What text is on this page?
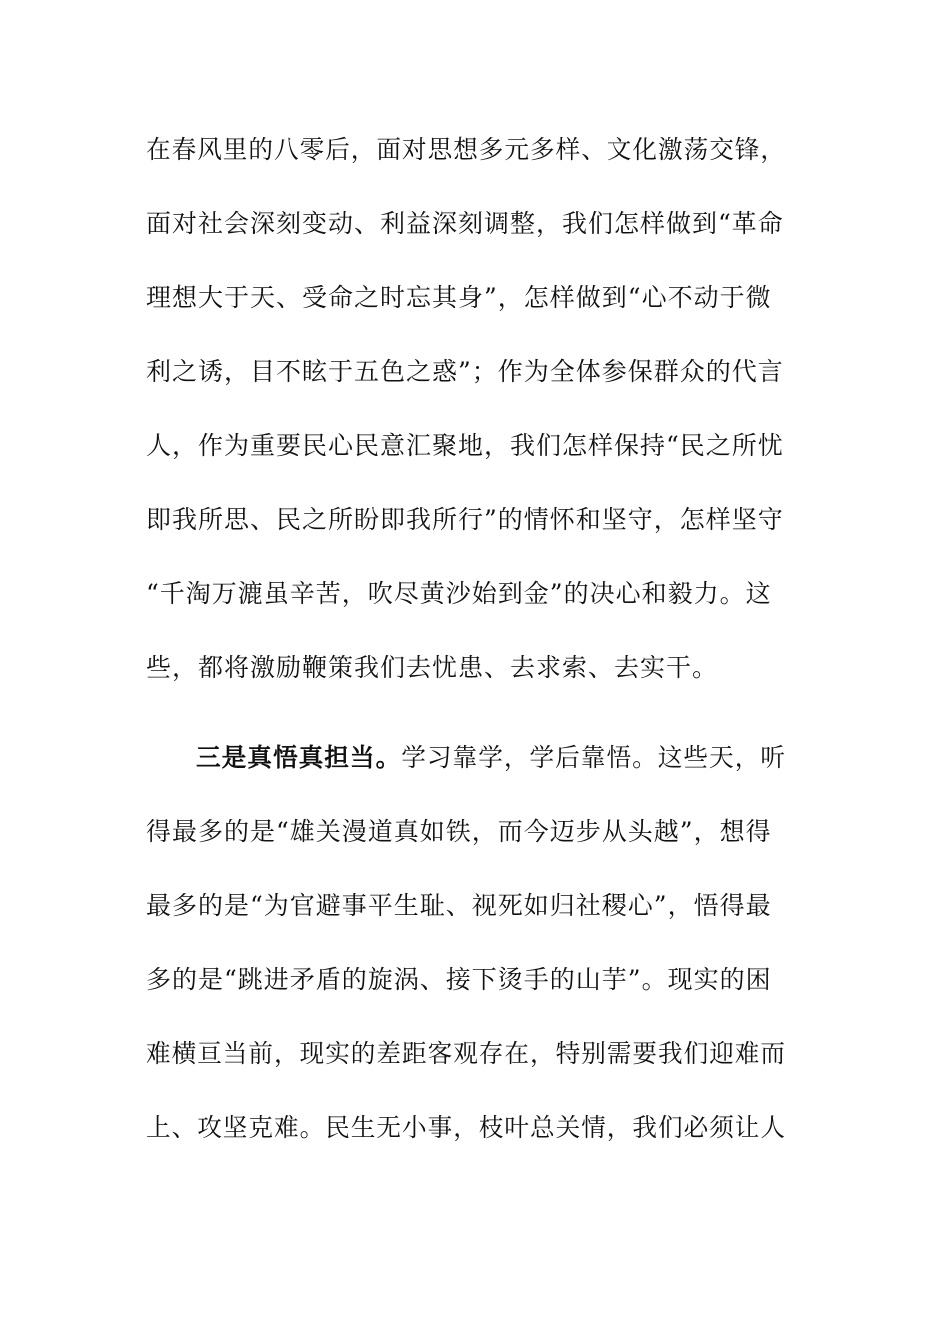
在春风里的八零后，面对思想多元多样、文化激荡交锋，
面对社会深刻变动、利益深刻调整，我们怎样做到“革命
理想大于天、受命之时忘其身”，怎样做到“心不动于微
利之诱，目不眩于五色之惑”；作为全体参保群众的代言
人，作为重要民心民意汇聚地，我们怎样保持“民之所忧
即我所思、民之所盼即我所行”的情怀和坚守，怎样坚守
“千淘万漉虽辛苦，吹尽黄沙始到金”的决心和毅力。这
些，都将激励鞭策我们去忧患、去求索、去实干。
三是真悟真担当。学习靠学，学后靠悟。这些天，听
得最多的是“雄关漫道真如铁，而今迈步从头越”，想得
最多的是“为官避事平生耻、视死如归社稷心”，悟得最
多的是“跳进矛盾的旋涡、接下烫手的山芋”。现实的困
难横亘当前，现实的差距客观存在，特别需要我们迎难而
上、攻坚克难。民生无小事，枝叶总关情，我们必须让人
